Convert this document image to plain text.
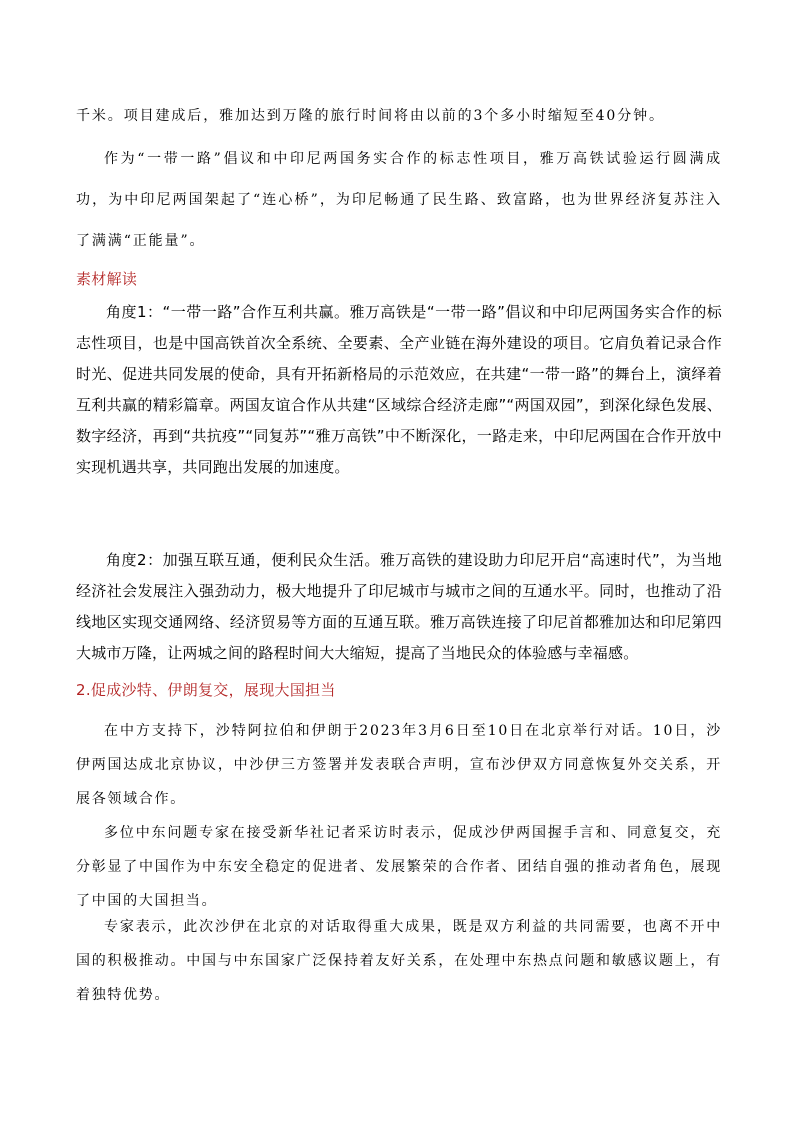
千米。项目建成后，雅加达到万隆的旅行时间将由以前的3个多小时缩短至40分钟。

作为“一带一路”倡议和中印尼两国务实合作的标志性项目，雅万高铁试验运行圆满成功，为中印尼两国架起了“连心桥”，为印尼畅通了民生路、致富路，也为世界经济复苏注入了满满“正能量”。

素材解读

角度1：“一带一路”合作互利共赢。雅万高铁是“一带一路”倡议和中印尼两国务实合作的标志性项目，也是中国高铁首次全系统、全要素、全产业链在海外建设的项目。它肩负着记录合作时光、促进共同发展的使命，具有开拓新格局的示范效应，在共建“一带一路”的舞台上，演绎着互利共赢的精彩篇章。两国友谊合作从共建“区域综合经济走廊”“两国双园”，到深化绿色发展、数字经济，再到“共抗疫”“同复苏”“雅万高铁”中不断深化，一路走来，中印尼两国在合作开放中实现机遇共享，共同跑出发展的加速度。

角度2：加强互联互通，便利民众生活。雅万高铁的建设助力印尼开启“高速时代”，为当地经济社会发展注入强劲动力，极大地提升了印尼城市与城市之间的互通水平。同时，也推动了沿线地区实现交通网络、经济贸易等方面的互通互联。雅万高铁连接了印尼首都雅加达和印尼第四大城市万隆，让两城之间的路程时间大大缩短，提高了当地民众的体验感与幸福感。

2.促成沙特、伊朗复交，展现大国担当

在中方支持下，沙特阿拉伯和伊朗于2023年3月6日至10日在北京举行对话。10日，沙伊两国达成北京协议，中沙伊三方签署并发表联合声明，宣布沙伊双方同意恢复外交关系，开展各领域合作。

多位中东问题专家在接受新华社记者采访时表示，促成沙伊两国握手言和、同意复交，充分彰显了中国作为中东安全稳定的促进者、发展繁荣的合作者、团结自强的推动者角色，展现了中国的大国担当。

专家表示，此次沙伊在北京的对话取得重大成果，既是双方利益的共同需要，也离不开中国的积极推动。中国与中东国家广泛保持着友好关系，在处理中东热点问题和敏感议题上，有着独特优势。
